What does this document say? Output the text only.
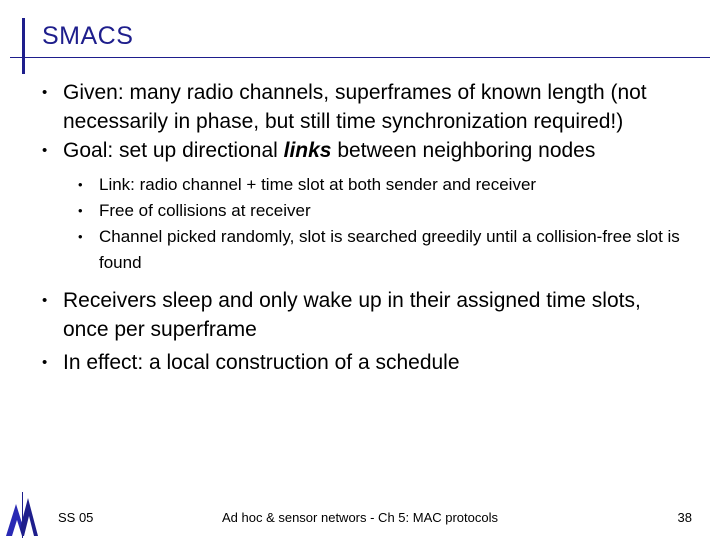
SMACS
• Given: many radio channels, superframes of known length (not necessarily in phase, but still time synchronization required!)
• Goal: set up directional links between neighboring nodes
• Link: radio channel + time slot at both sender and receiver
• Free of collisions at receiver
• Channel picked randomly, slot is searched greedily until a collision-free slot is found
• Receivers sleep and only wake up in their assigned time slots, once per superframe
• In effect: a local construction of a schedule
SS 05	Ad hoc & sensor networs - Ch 5: MAC protocols	38
